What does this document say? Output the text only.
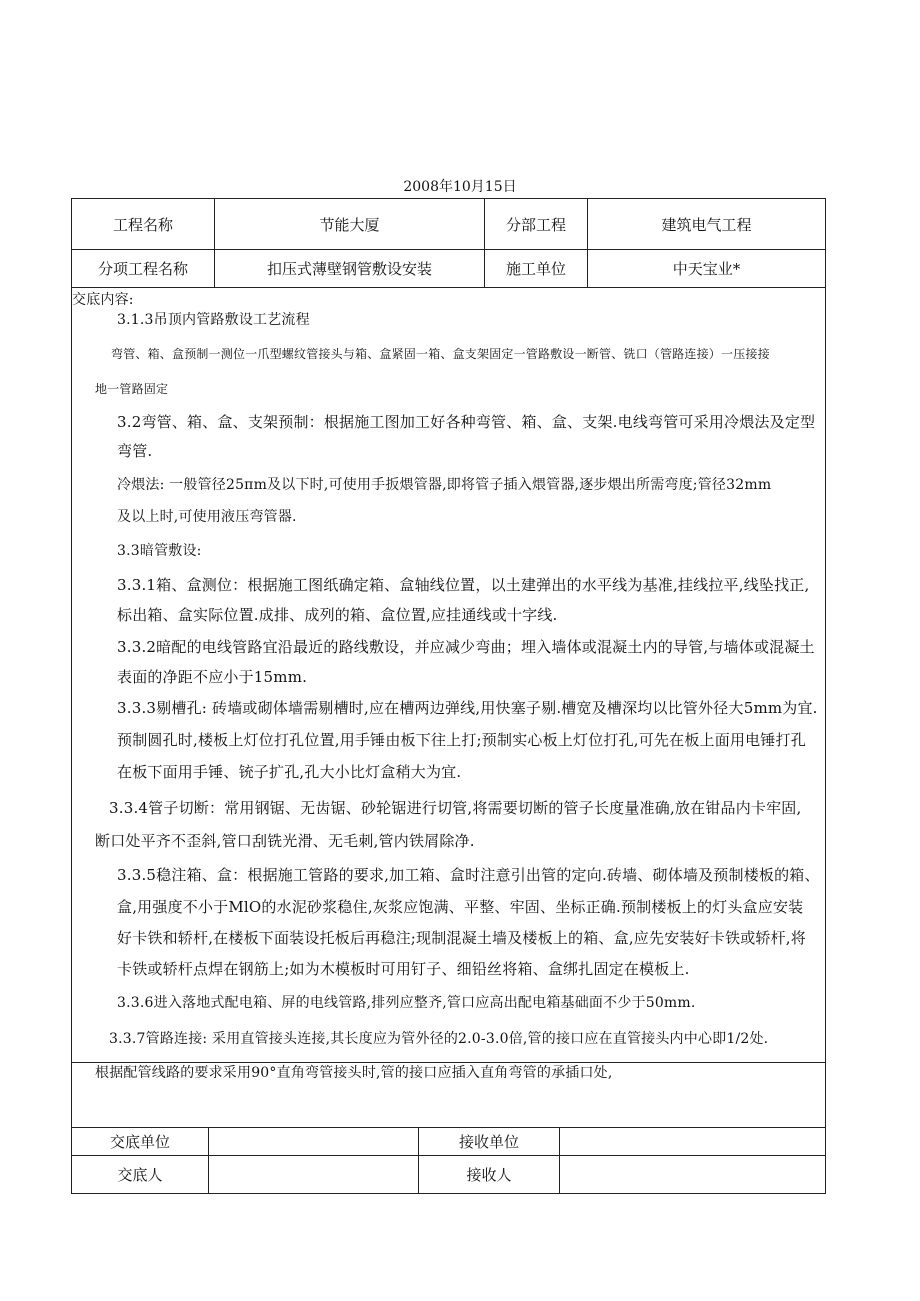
2008年10月15日
工程名称	节能大厦	分部工程	建筑电气工程
分项工程名称	扣压式薄壁钢管敷设安装	施工单位	中天宝业*

交底内容:

3.1.3吊顶内管路敷设工艺流程

弯管、箱、盒预制一测位一爪型螺纹管接头与箱、盒紧固一箱、盒支架固定一管路敷设一断管、铣口（管路连接）一压接接

地一管路固定

3.2弯管、箱、盒、支架预制：根据施工图加工好各种弯管、箱、盒、支架.电线弯管可采用冷煨法及定型

弯管.

冷煨法: 一般管径25πm及以下时,可使用手扳煨管器,即将管子插入煨管器,逐步煨出所需弯度;管径32mm

及以上时,可使用液压弯管器.

3.3暗管敷设:

3.3.1箱、盒测位：根据施工图纸确定箱、盒轴线位置，以土建弹出的水平线为基准,挂线拉平,线坠找正,

标出箱、盒实际位置.成排、成列的箱、盒位置,应挂通线或十字线.

3.3.2暗配的电线管路宜沿最近的路线敷设，并应减少弯曲；埋入墙体或混凝土内的导管,与墙体或混凝土

表面的净距不应小于15mm.

3.3.3剔槽孔: 砖墙或砌体墙需剔槽时,应在槽两边弹线,用快塞子剔.槽宽及槽深均以比管外径大5mm为宜.

预制圆孔时,楼板上灯位打孔位置,用手锤由板下往上打;预制实心板上灯位打孔,可先在板上面用电锤打孔

在板下面用手锤、铳子扩孔,孔大小比灯盒稍大为宜.

3.3.4管子切断：常用钢锯、无齿锯、砂轮锯进行切管,将需要切断的管子长度量准确,放在钳品内卡牢固,

断口处平齐不歪斜,管口刮铣光滑、无毛刺,管内铁屑除净.

3.3.5稳注箱、盒：根据施工管路的要求,加工箱、盒时注意引出管的定向.砖墙、砌体墙及预制楼板的箱、

盒,用强度不小于MlO的水泥砂浆稳住,灰浆应饱满、平整、牢固、坐标正确.预制楼板上的灯头盒应安装

好卡铁和轿杆,在楼板下面装设托板后再稳注;现制混凝土墙及楼板上的箱、盒,应先安装好卡铁或轿杆,将

卡铁或轿杆点焊在钢筋上;如为木模板时可用钉子、细铅丝将箱、盒绑扎固定在模板上.

3.3.6进入落地式配电箱、屏的电线管路,排列应整齐,管口应高出配电箱基础面不少于50mm.

3.3.7管路连接: 采用直管接头连接,其长度应为管外径的2.0-3.0倍,管的接口应在直管接头内中心即1/2处.

根据配管线路的要求采用90°直角弯管接头时,管的接口应插入直角弯管的承插口处,

交底单位	接收单位
交底人	接收人
